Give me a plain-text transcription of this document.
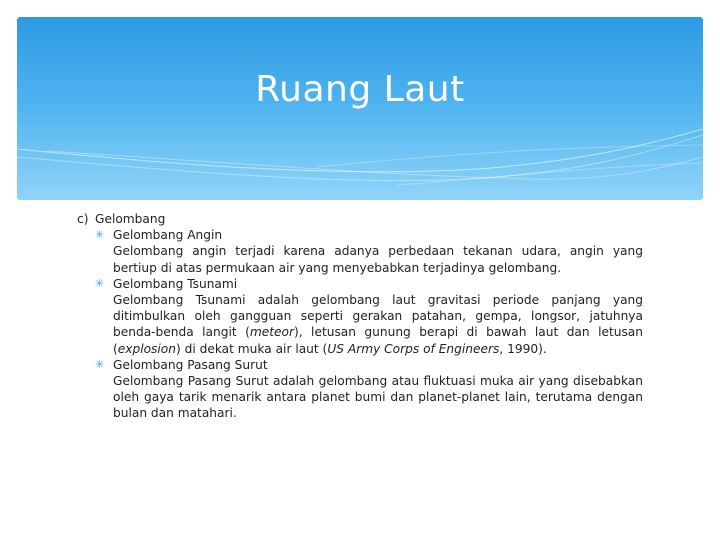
Ruang Laut
c) Gelombang
✳ Gelombang Angin
Gelombang angin terjadi karena adanya perbedaan tekanan udara, angin yang bertiup di atas permukaan air yang menyebabkan terjadinya gelombang.
✳ Gelombang Tsunami
Gelombang Tsunami adalah gelombang laut gravitasi periode panjang yang ditimbulkan oleh gangguan seperti gerakan patahan, gempa, longsor, jatuhnya benda-benda langit (meteor), letusan gunung berapi di bawah laut dan letusan (explosion) di dekat muka air laut (US Army Corps of Engineers, 1990).
✳ Gelombang Pasang Surut
Gelombang Pasang Surut adalah gelombang atau fluktuasi muka air yang disebabkan oleh gaya tarik menarik antara planet bumi dan planet-planet lain, terutama dengan bulan dan matahari.
